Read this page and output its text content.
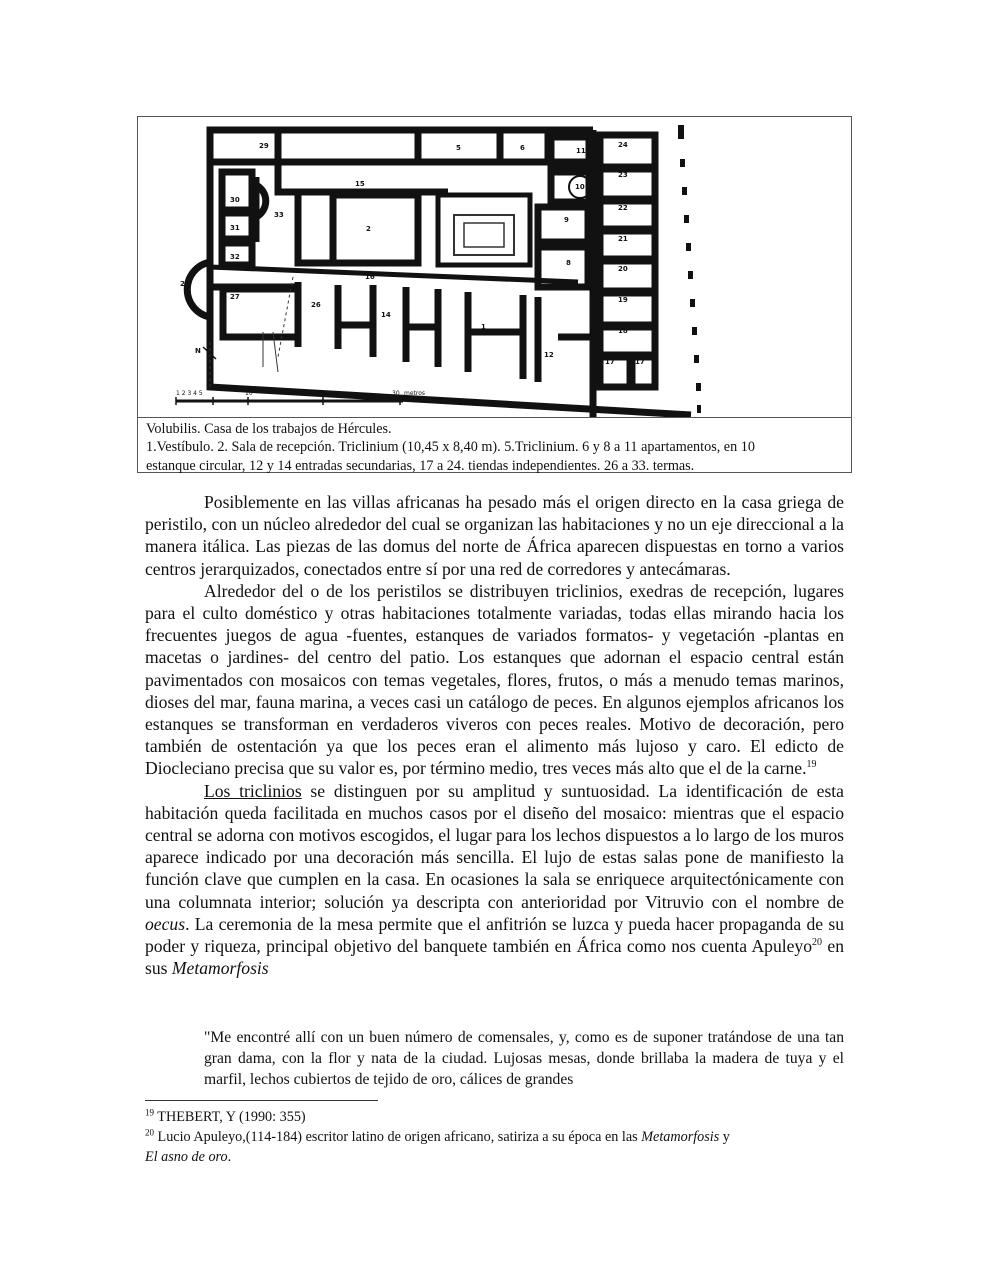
29	5	6	11
24
23
22
21
20
19
18
17	17
15
30
31
32
33
2
9
8
10
25
27
26
16
14
1
12
N
1 2 3 4 5	10	20	30 metros
Volubilis. Casa de los trabajos de Hércules.
1.Vestíbulo. 2. Sala de recepción. Triclinium (10,45 x 8,40 m). 5.Triclinium. 6 y 8 a 11 apartamentos, en 10
estanque circular, 12 y 14 entradas secundarias, 17 a 24. tiendas independientes. 26 a 33. termas.

Posiblemente en las villas africanas ha pesado más el origen directo en la casa griega de peristilo, con un núcleo alrededor del cual se organizan las habitaciones y no un eje direccional a la manera itálica. Las piezas de las domus del norte de África aparecen dispuestas en torno a varios centros jerarquizados, conectados entre sí por una red de corredores y antecámaras.

Alrededor del o de los peristilos se distribuyen triclinios, exedras de recepción, lugares para el culto doméstico y otras habitaciones totalmente variadas, todas ellas mirando hacia los frecuentes juegos de agua -fuentes, estanques de variados formatos- y vegetación -plantas en macetas o jardines- del centro del patio. Los estanques que adornan el espacio central están pavimentados con mosaicos con temas vegetales, flores, frutos, o más a menudo temas marinos, dioses del mar, fauna marina, a veces casi un catálogo de peces. En algunos ejemplos africanos los estanques se transforman en verdaderos viveros con peces reales. Motivo de decoración, pero también de ostentación ya que los peces eran el alimento más lujoso y caro. El edicto de Diocleciano precisa que su valor es, por término medio, tres veces más alto que el de la carne.$^{19}$

Los triclinios se distinguen por su amplitud y suntuosidad. La identificación de esta habitación queda facilitada en muchos casos por el diseño del mosaico: mientras que el espacio central se adorna con motivos escogidos, el lugar para los lechos dispuestos a lo largo de los muros aparece indicado por una decoración más sencilla. El lujo de estas salas pone de manifiesto la función clave que cumplen en la casa. En ocasiones la sala se enriquece arquitectónicamente con una columnata interior; solución ya descripta con anterioridad por Vitruvio con el nombre de oecus. La ceremonia de la mesa permite que el anfitrión se luzca y pueda hacer propaganda de su poder y riqueza, principal objetivo del banquete también en África como nos cuenta Apuleyo$^{20}$ en sus Metamorfosis

"Me encontré allí con un buen número de comensales, y, como es de suponer tratándose de una tan gran dama, con la flor y nata de la ciudad. Lujosas mesas, donde brillaba la madera de tuya y el marfil, lechos cubiertos de tejido de oro, cálices de grandes

$^{19}$ THEBERT, Y (1990: 355)

$^{20}$ Lucio Apuleyo,(114-184) escritor latino de origen africano, satiriza a su época en las Metamorfosis y
El asno de oro.
